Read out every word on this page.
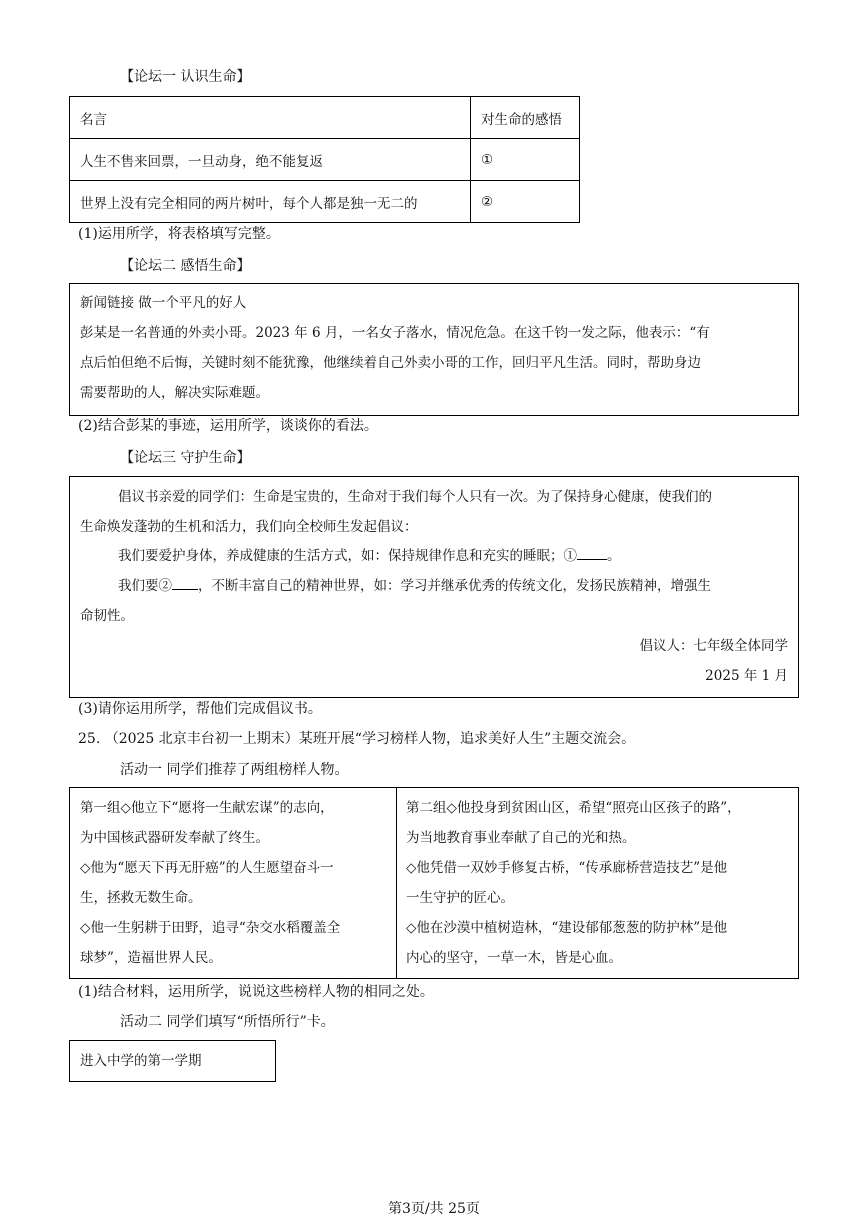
【论坛一 认识生命】
名言	对生命的感悟
人生不售来回票，一旦动身，绝不能复返	①
世界上没有完全相同的两片树叶，每个人都是独一无二的	②
(1)运用所学，将表格填写完整。
【论坛二 感悟生命】
新闻链接 做一个平凡的好人
彭某是一名普通的外卖小哥。2023 年 6 月，一名女子落水，情况危急。在这千钧一发之际，他表示：“有
点后怕但绝不后悔，关键时刻不能犹豫，他继续着自己外卖小哥的工作，回归平凡生活。同时，帮助身边
需要帮助的人，解决实际难题。
(2)结合彭某的事迹，运用所学，谈谈你的看法。
【论坛三 守护生命】
倡议书亲爱的同学们：生命是宝贵的，生命对于我们每个人只有一次。为了保持身心健康，使我们的
生命焕发蓬勃的生机和活力，我们向全校师生发起倡议：
我们要爱护身体，养成健康的生活方式，如：保持规律作息和充实的睡眠；① 。
我们要② ，不断丰富自己的精神世界，如：学习并继承优秀的传统文化，发扬民族精神，增强生
命韧性。
倡议人：七年级全体同学
2025 年 1 月
(3)请你运用所学，帮他们完成倡议书。
25. （2025 北京丰台初一上期末）某班开展“学习榜样人物，追求美好人生”主题交流会。
活动一 同学们推荐了两组榜样人物。
第一组◇他立下“愿将一生献宏谋”的志向，
为中国核武器研发奉献了终生。
◇他为“愿天下再无肝癌”的人生愿望奋斗一
生，拯救无数生命。
◇他一生躬耕于田野，追寻“杂交水稻覆盖全
球梦”，造福世界人民。
第二组◇他投身到贫困山区，希望“照亮山区孩子的路”，
为当地教育事业奉献了自己的光和热。
◇他凭借一双妙手修复古桥，“传承廊桥营造技艺”是他
一生守护的匠心。
◇他在沙漠中植树造林，“建设郁郁葱葱的防护林”是他
内心的坚守，一草一木，皆是心血。
(1)结合材料，运用所学，说说这些榜样人物的相同之处。
活动二 同学们填写“所悟所行”卡。
进入中学的第一学期
第3页/共 25页
